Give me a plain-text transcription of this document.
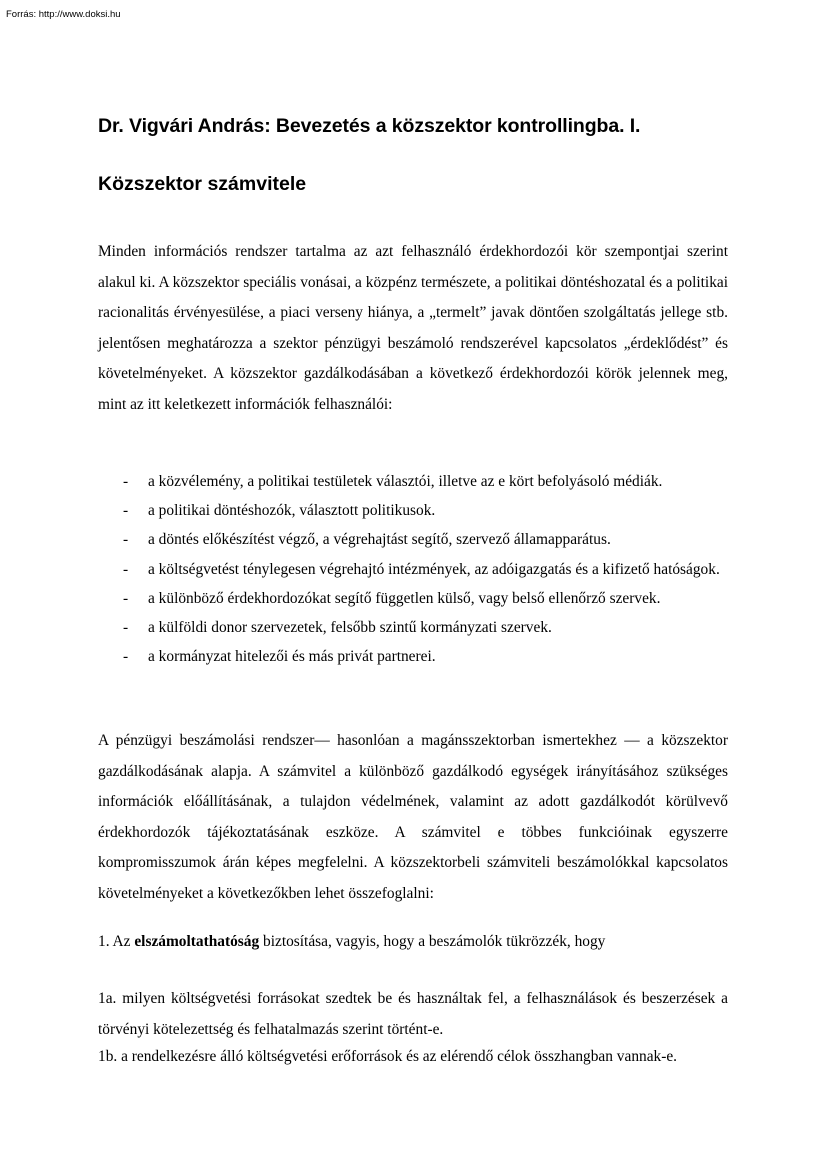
Forrás: http://www.doksi.hu
Dr. Vigvári András: Bevezetés a közszektor kontrollingba. I.
Közszektor számvitele

Minden információs rendszer tartalma az azt felhasználó érdekhordozói kör szempontjai szerint alakul ki. A közszektor speciális vonásai, a közpénz természete, a politikai döntéshozatal és a politikai racionalitás érvényesülése, a piaci verseny hiánya, a „termelt” javak döntően szolgáltatás jellege stb. jelentősen meghatározza a szektor pénzügyi beszámoló rendszerével kapcsolatos „érdeklődést” és követelményeket. A közszektor gazdálkodásában a következő érdekhordozói körök jelennek meg, mint az itt keletkezett információk felhasználói:

- a közvélemény, a politikai testületek választói, illetve az e kört befolyásoló médiák.
- a politikai döntéshozók, választott politikusok.
- a döntés előkészítést végző, a végrehajtást segítő, szervező államapparátus.
- a költségvetést ténylegesen végrehajtó intézmények, az adóigazgatás és a kifizető hatóságok.
- a különböző érdekhordozókat segítő független külső, vagy belső ellenőrző szervek.
- a külföldi donor szervezetek, felsőbb szintű kormányzati szervek.
- a kormányzat hitelezői és más privát partnerei.

A pénzügyi beszámolási rendszer— hasonlóan a magánsszektorban ismertekhez — a közszektor gazdálkodásának alapja. A számvitel a különböző gazdálkodó egységek irányításához szükséges információk előállításának, a tulajdon védelmének, valamint az adott gazdálkodót körülvevő érdekhordozók tájékoztatásának eszköze. A számvitel e többes funkcióinak egyszerre kompromisszumok árán képes megfelelni. A közszektorbeli számviteli beszámolókkal kapcsolatos követelményeket a következőkben lehet összefoglalni:

1. Az elszámoltathatóság biztosítása, vagyis, hogy a beszámolók tükrözzék, hogy

1a. milyen költségvetési forrásokat szedtek be és használtak fel, a felhasználások és beszerzések a törvényi kötelezettség és felhatalmazás szerint történt-e.

1b. a rendelkezésre álló költségvetési erőforrások és az elérendő célok összhangban vannak-e.
